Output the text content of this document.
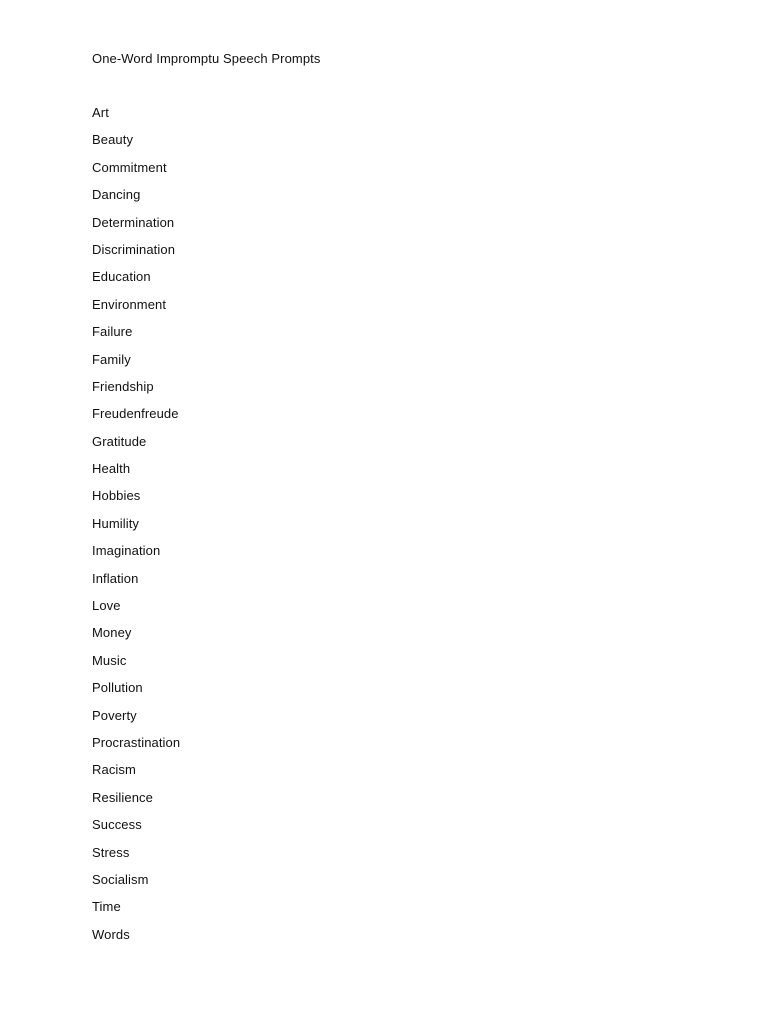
One-Word Impromptu Speech Prompts
Art
Beauty
Commitment
Dancing
Determination
Discrimination
Education
Environment
Failure
Family
Friendship
Freudenfreude
Gratitude
Health
Hobbies
Humility
Imagination
Inflation
Love
Money
Music
Pollution
Poverty
Procrastination
Racism
Resilience
Success
Stress
Socialism
Time
Words
